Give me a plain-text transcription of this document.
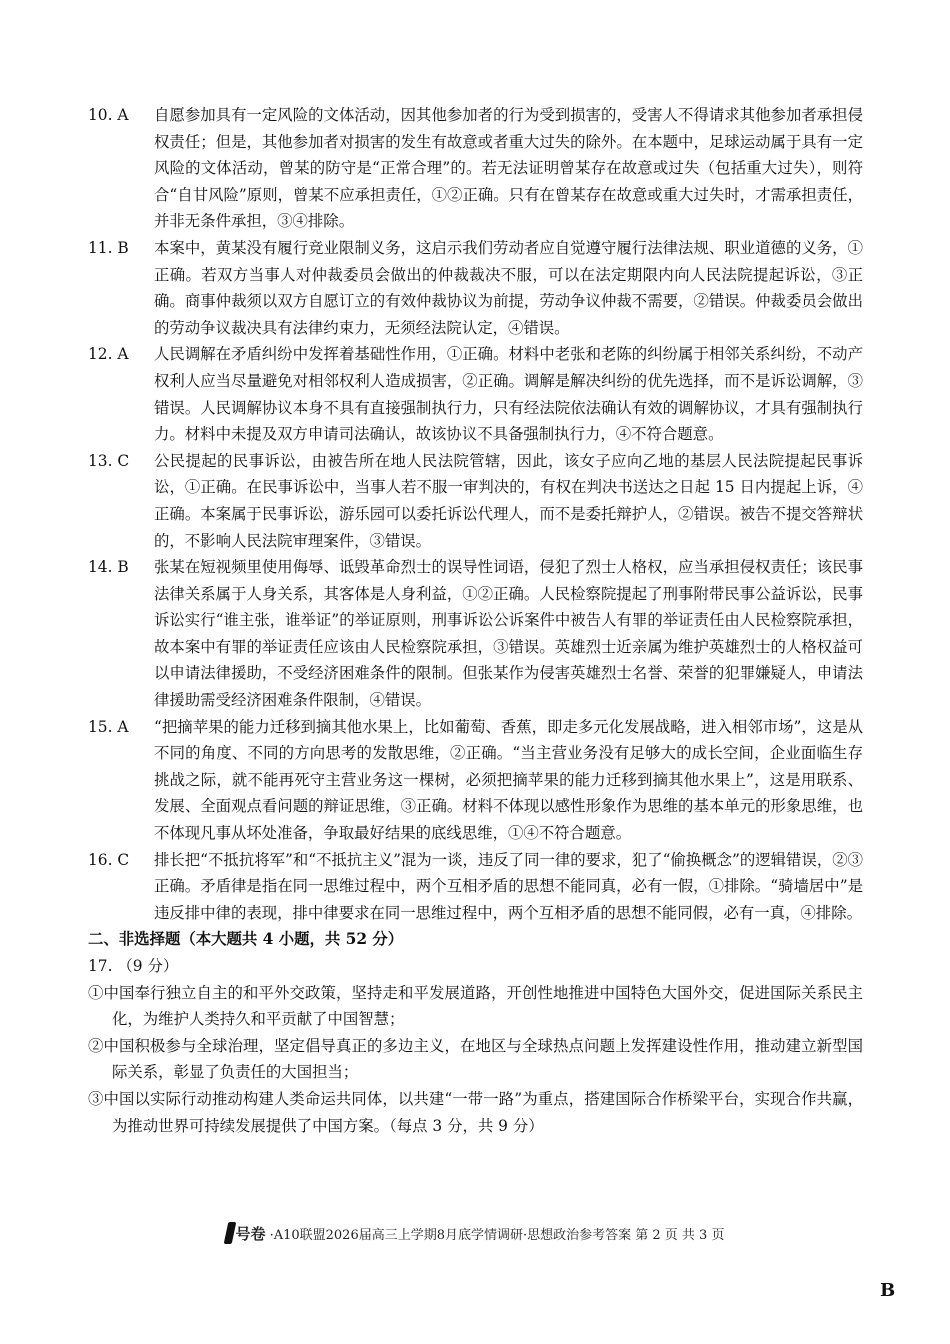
10. A	自愿参加具有一定风险的文体活动，因其他参加者的行为受到损害的，受害人不得请求其他参加者承担侵权责任；但是，其他参加者对损害的发生有故意或者重大过失的除外。在本题中，足球运动属于具有一定风险的文体活动，曾某的防守是“正常合理”的。若无法证明曾某存在故意或过失（包括重大过失），则符合“自甘风险”原则，曾某不应承担责任，①②正确。只有在曾某存在故意或重大过失时，才需承担责任，并非无条件承担，③④排除。
11. B	本案中，黄某没有履行竞业限制义务，这启示我们劳动者应自觉遵守履行法律法规、职业道德的义务，①正确。若双方当事人对仲裁委员会做出的仲裁裁决不服，可以在法定期限内向人民法院提起诉讼，③正确。商事仲裁须以双方自愿订立的有效仲裁协议为前提，劳动争议仲裁不需要，②错误。仲裁委员会做出的劳动争议裁决具有法律约束力，无须经法院认定，④错误。
12. A	人民调解在矛盾纠纷中发挥着基础性作用，①正确。材料中老张和老陈的纠纷属于相邻关系纠纷，不动产权利人应当尽量避免对相邻权利人造成损害，②正确。调解是解决纠纷的优先选择，而不是诉讼调解，③错误。人民调解协议本身不具有直接强制执行力，只有经法院依法确认有效的调解协议，才具有强制执行力。材料中未提及双方申请司法确认，故该协议不具备强制执行力，④不符合题意。
13. C	公民提起的民事诉讼，由被告所在地人民法院管辖，因此，该女子应向乙地的基层人民法院提起民事诉讼，①正确。在民事诉讼中，当事人若不服一审判决的，有权在判决书送达之日起 15 日内提起上诉，④正确。本案属于民事诉讼，游乐园可以委托诉讼代理人，而不是委托辩护人，②错误。被告不提交答辩状的，不影响人民法院审理案件，③错误。
14. B	张某在短视频里使用侮辱、诋毁革命烈士的误导性词语，侵犯了烈士人格权，应当承担侵权责任；该民事法律关系属于人身关系，其客体是人身利益，①②正确。人民检察院提起了刑事附带民事公益诉讼，民事诉讼实行“谁主张，谁举证”的举证原则，刑事诉讼公诉案件中被告人有罪的举证责任由人民检察院承担，故本案中有罪的举证责任应该由人民检察院承担，③错误。英雄烈士近亲属为维护英雄烈士的人格权益可以申请法律援助，不受经济困难条件的限制。但张某作为侵害英雄烈士名誉、荣誉的犯罪嫌疑人，申请法律援助需受经济困难条件限制，④错误。
15. A	“把摘苹果的能力迁移到摘其他水果上，比如葡萄、香蕉，即走多元化发展战略，进入相邻市场”，这是从不同的角度、不同的方向思考的发散思维，②正确。“当主营业务没有足够大的成长空间，企业面临生存挑战之际，就不能再死守主营业务这一棵树，必须把摘苹果的能力迁移到摘其他水果上”，这是用联系、发展、全面观点看问题的辩证思维，③正确。材料不体现以感性形象作为思维的基本单元的形象思维，也不体现凡事从坏处准备，争取最好结果的底线思维，①④不符合题意。
16. C	排长把“不抵抗将军”和“不抵抗主义”混为一谈，违反了同一律的要求，犯了“偷换概念”的逻辑错误，②③正确。矛盾律是指在同一思维过程中，两个互相矛盾的思想不能同真，必有一假，①排除。“骑墙居中”是违反排中律的表现，排中律要求在同一思维过程中，两个互相矛盾的思想不能同假，必有一真，④排除。
二、非选择题（本大题共 4 小题，共 52 分）
17. （9 分）
①中国奉行独立自主的和平外交政策，坚持走和平发展道路，开创性地推进中国特色大国外交，促进国际关系民主化，为维护人类持久和平贡献了中国智慧；
②中国积极参与全球治理，坚定倡导真正的多边主义，在地区与全球热点问题上发挥建设性作用，推动建立新型国际关系，彰显了负责任的大国担当；
③中国以实际行动推动构建人类命运共同体，以共建“一带一路”为重点，搭建国际合作桥梁平台，实现合作共赢，为推动世界可持续发展提供了中国方案。（每点 3 分，共 9 分）
号卷 ·A10联盟2026届高三上学期8月底学情调研·思想政治参考答案 第 2 页 共 3 页
B
